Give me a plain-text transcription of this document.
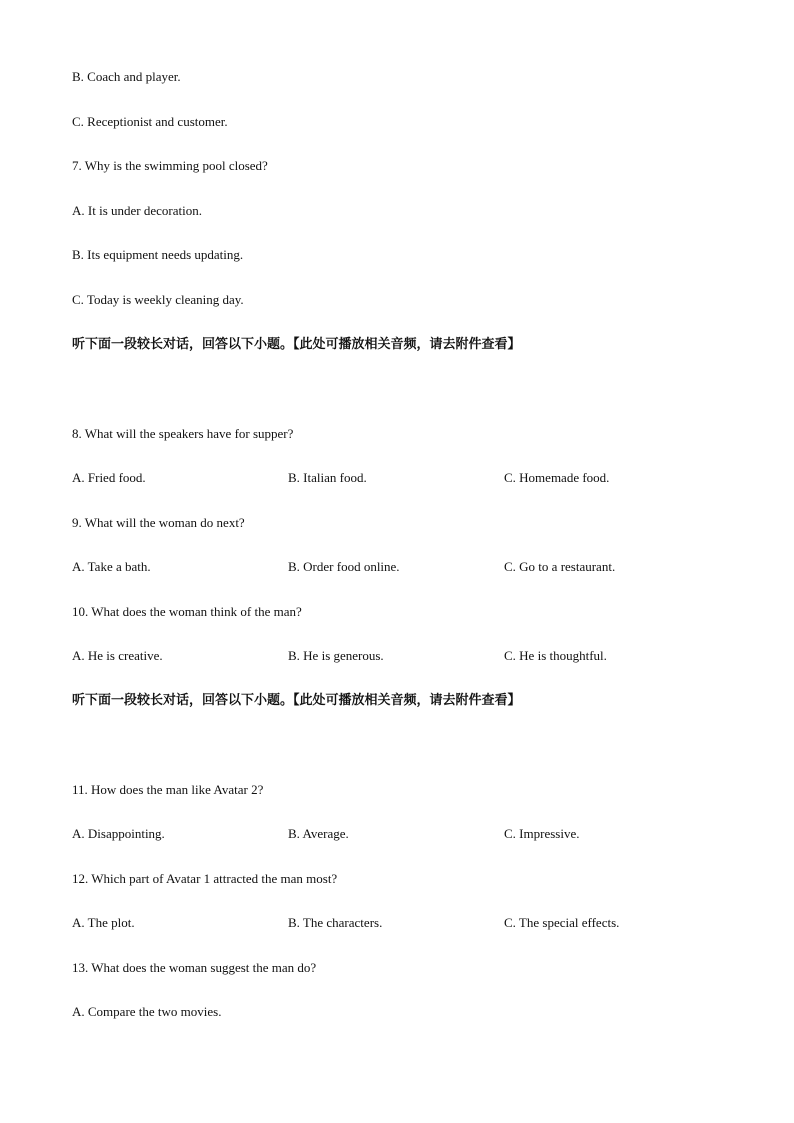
B. Coach and player.
C. Receptionist and customer.
7. Why is the swimming pool closed?
A. It is under decoration.
B. Its equipment needs updating.
C. Today is weekly cleaning day.
听下面一段较长对话，回答以下小题。【此处可播放相关音频，请去附件查看】
8. What will the speakers have for supper?
A. Fried food.	B. Italian food.	C. Homemade food.
9. What will the woman do next?
A. Take a bath.	B. Order food online.	C. Go to a restaurant.
10. What does the woman think of the man?
A. He is creative.	B. He is generous.	C. He is thoughtful.
听下面一段较长对话，回答以下小题。【此处可播放相关音频，请去附件查看】
11. How does the man like Avatar 2?
A. Disappointing.	B. Average.	C. Impressive.
12. Which part of Avatar 1 attracted the man most?
A. The plot.	B. The characters.	C. The special effects.
13. What does the woman suggest the man do?
A. Compare the two movies.
